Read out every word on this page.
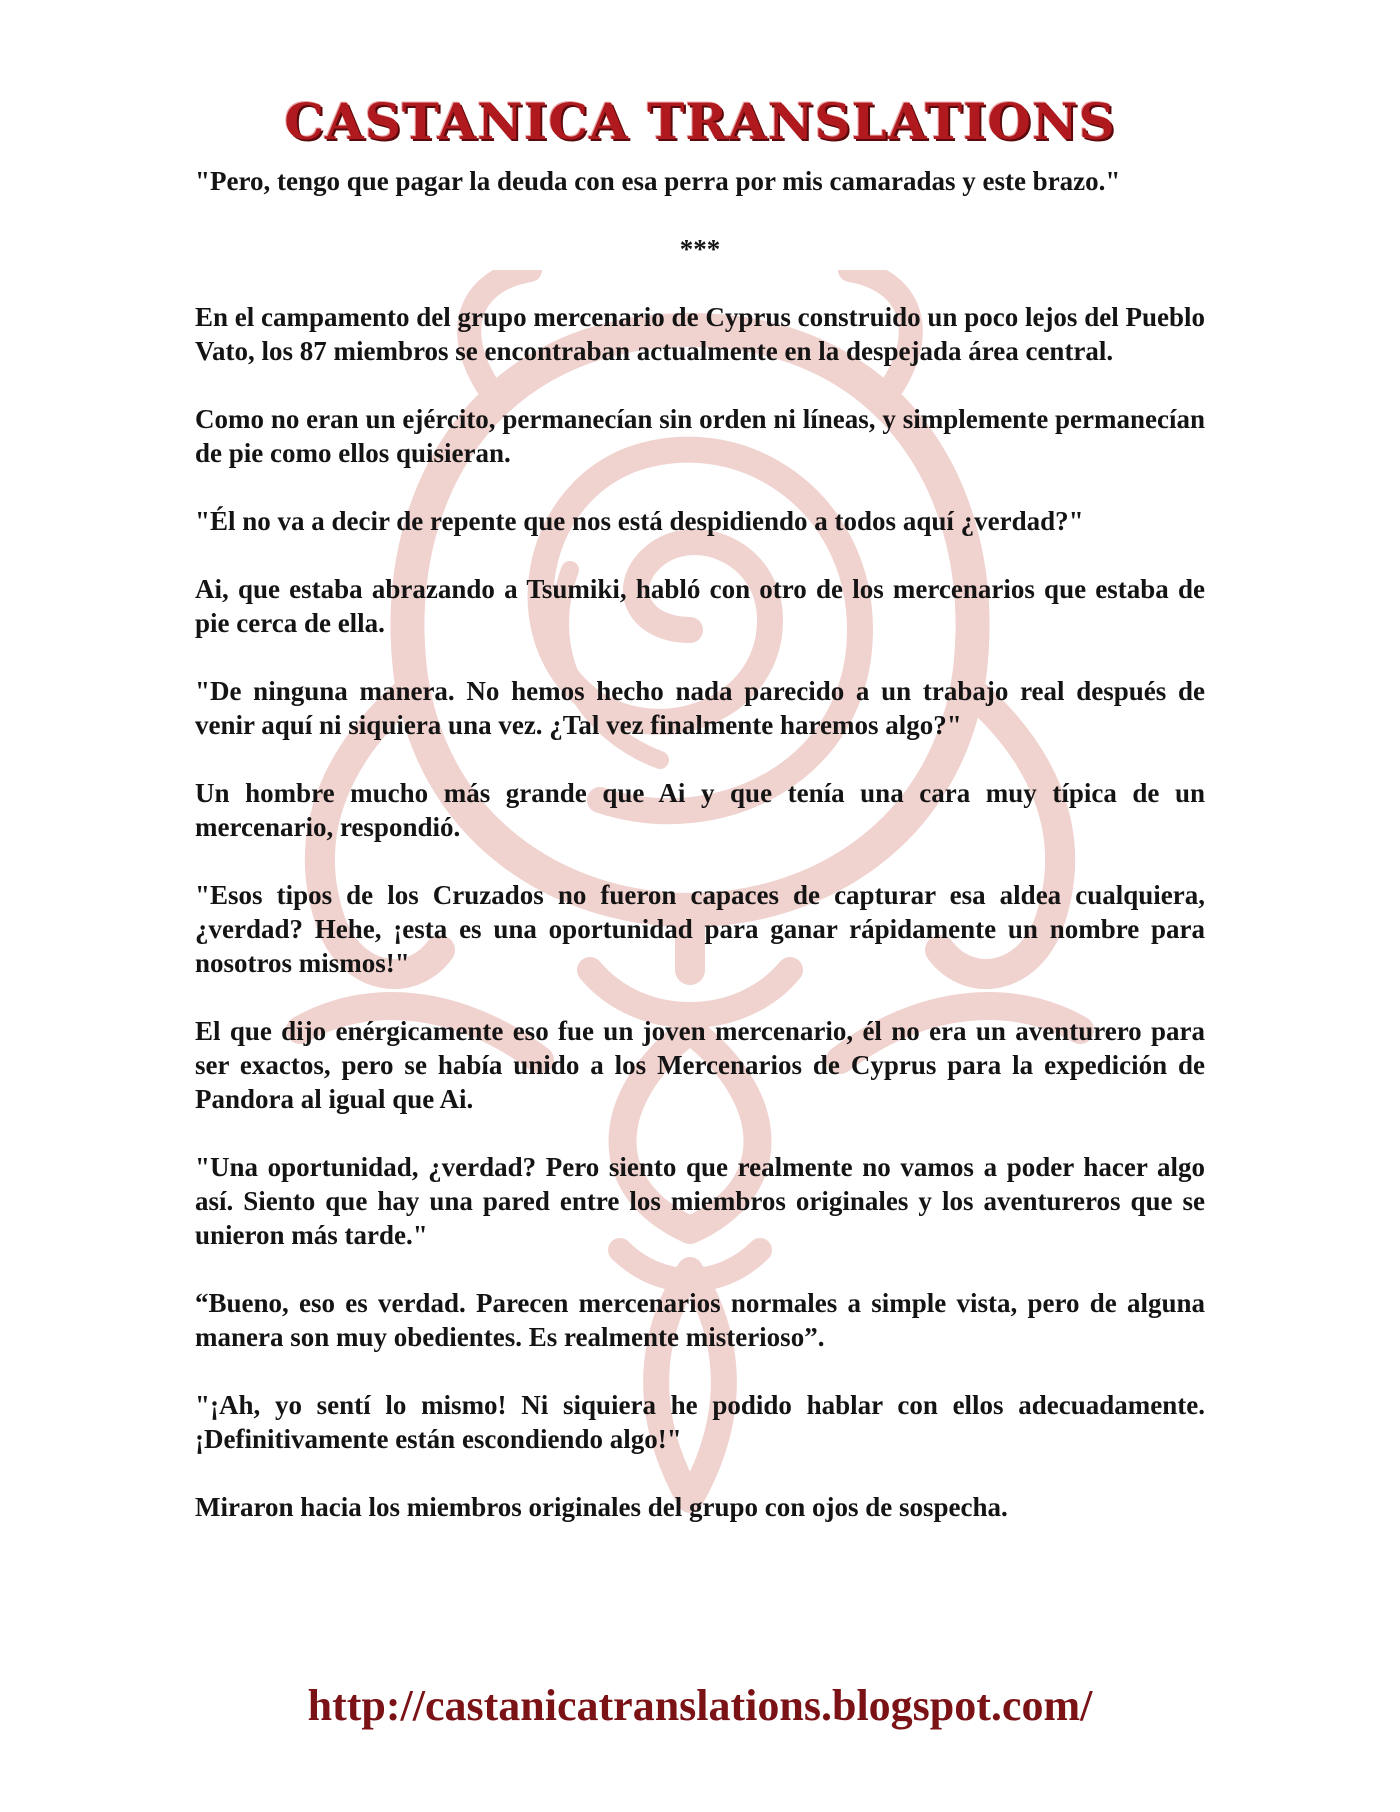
CASTANICA TRANSLATIONS

"Pero, tengo que pagar la deuda con esa perra por mis camaradas y este brazo."

***

En el campamento del grupo mercenario de Cyprus construido un poco lejos del Pueblo Vato, los 87 miembros se encontraban actualmente en la despejada área central.

Como no eran un ejército, permanecían sin orden ni líneas, y simplemente permanecían de pie como ellos quisieran.

"Él no va a decir de repente que nos está despidiendo a todos aquí ¿verdad?"

Ai, que estaba abrazando a Tsumiki, habló con otro de los mercenarios que estaba de pie cerca de ella.

"De ninguna manera. No hemos hecho nada parecido a un trabajo real después de venir aquí ni siquiera una vez. ¿Tal vez finalmente haremos algo?"

Un hombre mucho más grande que Ai y que tenía una cara muy típica de un mercenario, respondió.

"Esos tipos de los Cruzados no fueron capaces de capturar esa aldea cualquiera, ¿verdad? Hehe, ¡esta es una oportunidad para ganar rápidamente un nombre para nosotros mismos!"

El que dijo enérgicamente eso fue un joven mercenario, él no era un aventurero para ser exactos, pero se había unido a los Mercenarios de Cyprus para la expedición de Pandora al igual que Ai.

"Una oportunidad, ¿verdad? Pero siento que realmente no vamos a poder hacer algo así. Siento que hay una pared entre los miembros originales y los aventureros que se unieron más tarde."

“Bueno, eso es verdad. Parecen mercenarios normales a simple vista, pero de alguna manera son muy obedientes. Es realmente misterioso”.

"¡Ah, yo sentí lo mismo! Ni siquiera he podido hablar con ellos adecuadamente. ¡Definitivamente están escondiendo algo!"

Miraron hacia los miembros originales del grupo con ojos de sospecha.

http://castanicatranslations.blogspot.com/
